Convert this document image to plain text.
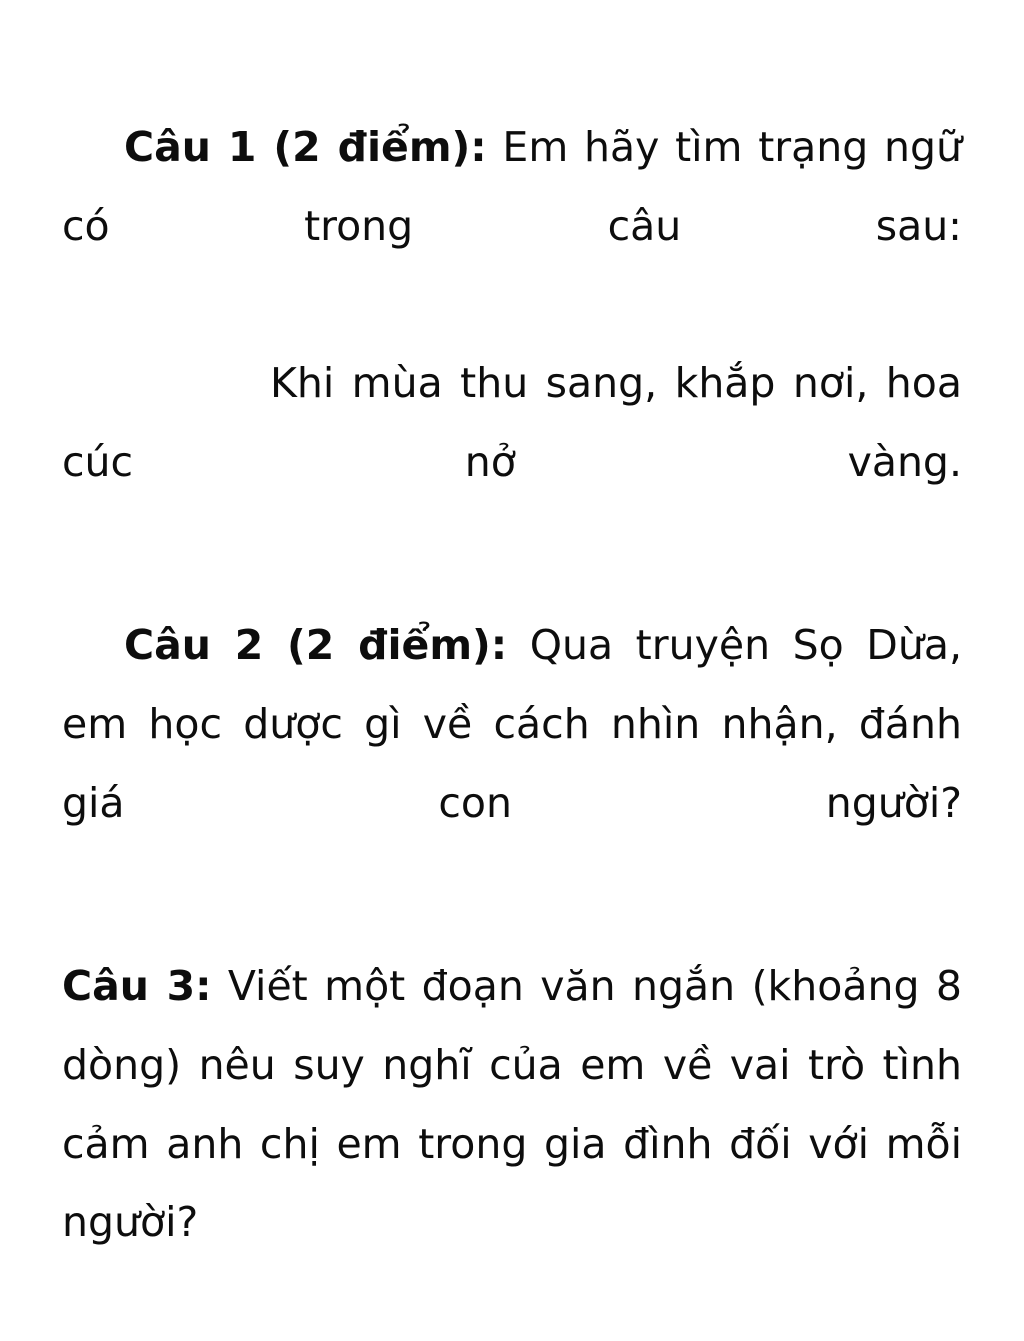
Câu 1 (2 điểm): Em hãy tìm trạng ngữ có trong câu sau:

Khi mùa thu sang, khắp nơi, hoa cúc nở vàng.

Câu 2 (2 điểm): Qua truyện Sọ Dừa, em học dược gì về cách nhìn nhận, đánh giá con người?

Câu 3: Viết một đoạn văn ngắn (khoảng 8 dòng) nêu suy nghĩ của em về vai trò tình cảm anh chị em trong gia đình đối với mỗi người?
